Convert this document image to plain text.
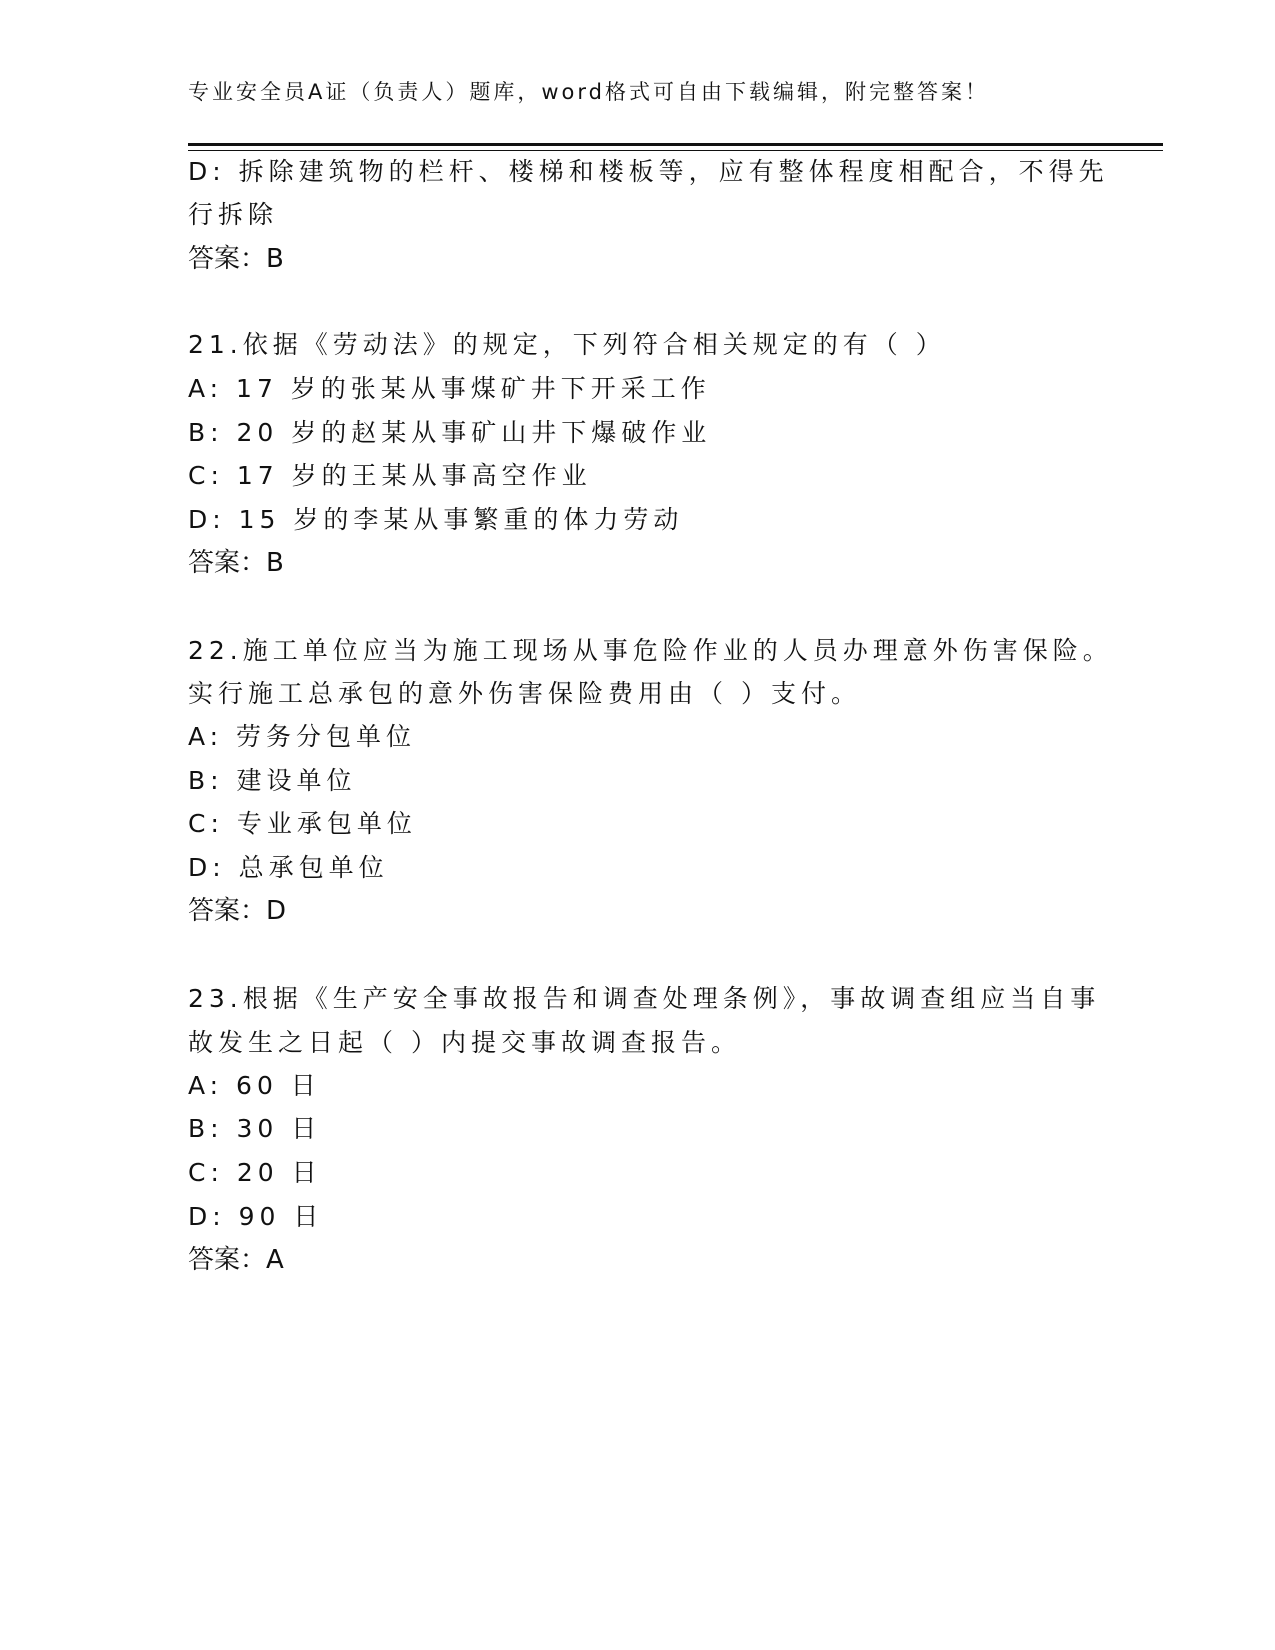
专业安全员A证（负责人）题库，word格式可自由下载编辑，附完整答案！
D: 拆除建筑物的栏杆、楼梯和楼板等，应有整体程度相配合，不得先
行拆除
答案：B
21.依据《劳动法》的规定，下列符合相关规定的有（ ）
A: 17 岁的张某从事煤矿井下开采工作
B: 20 岁的赵某从事矿山井下爆破作业
C: 17 岁的王某从事高空作业
D: 15 岁的李某从事繁重的体力劳动
答案：B
22.施工单位应当为施工现场从事危险作业的人员办理意外伤害保险。
实行施工总承包的意外伤害保险费用由（ ）支付。
A: 劳务分包单位
B: 建设单位
C: 专业承包单位
D: 总承包单位
答案：D
23.根据《生产安全事故报告和调查处理条例》，事故调查组应当自事
故发生之日起（ ）内提交事故调查报告。
A: 60 日
B: 30 日
C: 20 日
D: 90 日
答案：A
